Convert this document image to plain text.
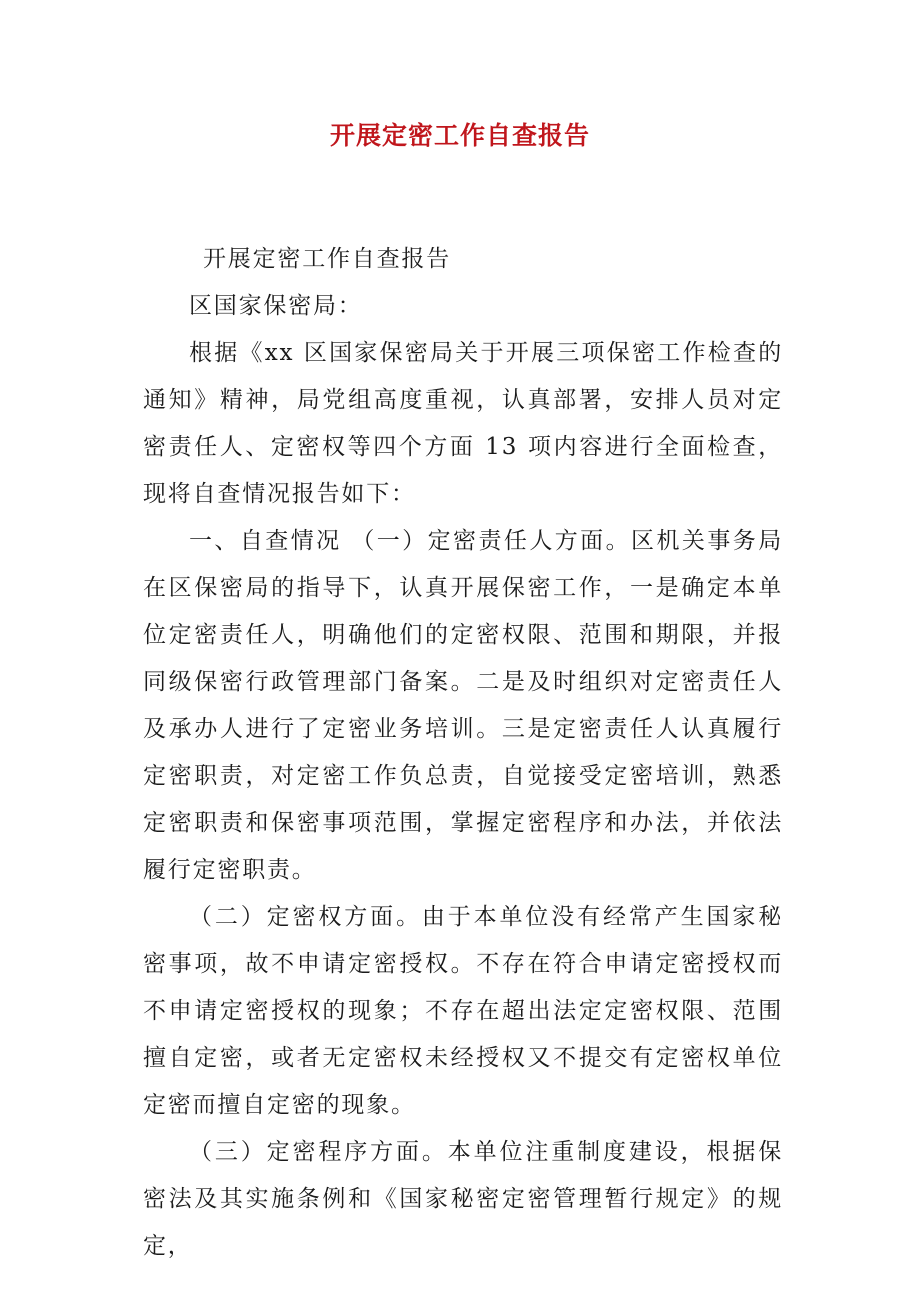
开展定密工作自查报告

开展定密工作自查报告

区国家保密局：

根据《xx 区国家保密局关于开展三项保密工作检查的通知》精神，局党组高度重视，认真部署，安排人员对定密责任人、定密权等四个方面 13 项内容进行全面检查，现将自查情况报告如下：

一、自查情况 （一）定密责任人方面。区机关事务局在区保密局的指导下，认真开展保密工作，一是确定本单位定密责任人，明确他们的定密权限、范围和期限，并报同级保密行政管理部门备案。二是及时组织对定密责任人及承办人进行了定密业务培训。三是定密责任人认真履行定密职责，对定密工作负总责，自觉接受定密培训，熟悉定密职责和保密事项范围，掌握定密程序和办法，并依法履行定密职责。

（二）定密权方面。由于本单位没有经常产生国家秘密事项，故不申请定密授权。不存在符合申请定密授权而不申请定密授权的现象；不存在超出法定定密权限、范围擅自定密，或者无定密权未经授权又不提交有定密权单位定密而擅自定密的现象。

（三）定密程序方面。本单位注重制度建设，根据保密法及其实施条例和《国家秘密定密管理暂行规定》的规定，
